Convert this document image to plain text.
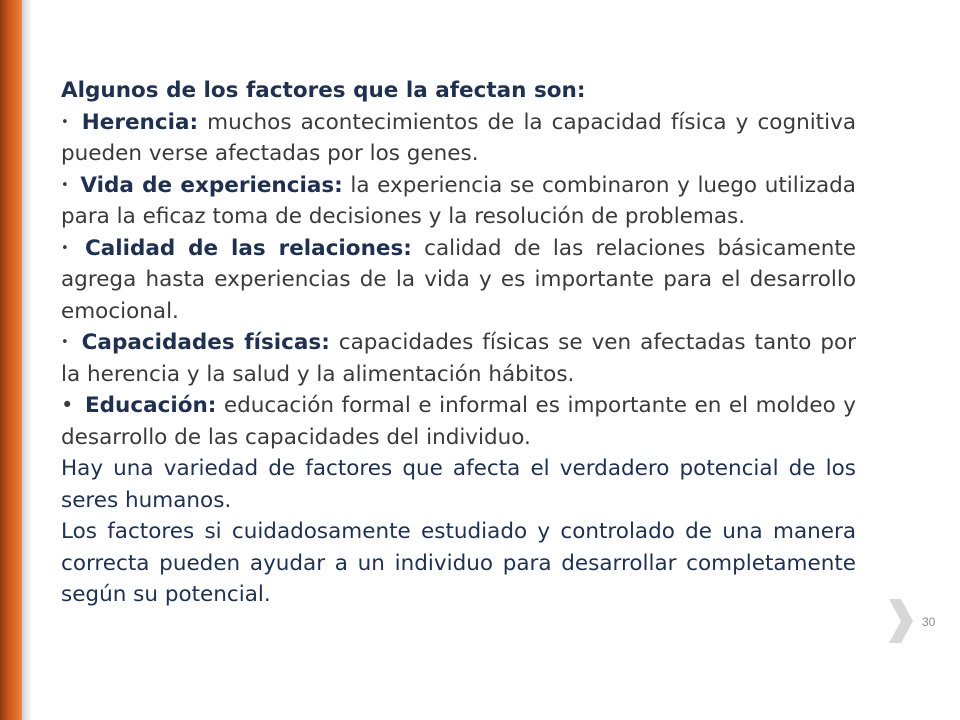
Algunos de los factores que la afectan son:

• Herencia: muchos acontecimientos de la capacidad física y cognitiva pueden verse afectadas por los genes.

• Vida de experiencias: la experiencia se combinaron y luego utilizada para la eficaz toma de decisiones y la resolución de problemas.

• Calidad de las relaciones: calidad de las relaciones básicamente agrega hasta experiencias de la vida y es importante para el desarrollo emocional.

• Capacidades físicas: capacidades físicas se ven afectadas tanto por la herencia y la salud y la alimentación hábitos.

• Educación: educación formal e informal es importante en el moldeo y desarrollo de las capacidades del individuo.

Hay una variedad de factores que afecta el verdadero potencial de los seres humanos.

Los factores si cuidadosamente estudiado y controlado de una manera correcta pueden ayudar a un individuo para desarrollar completamente según su potencial.

30
